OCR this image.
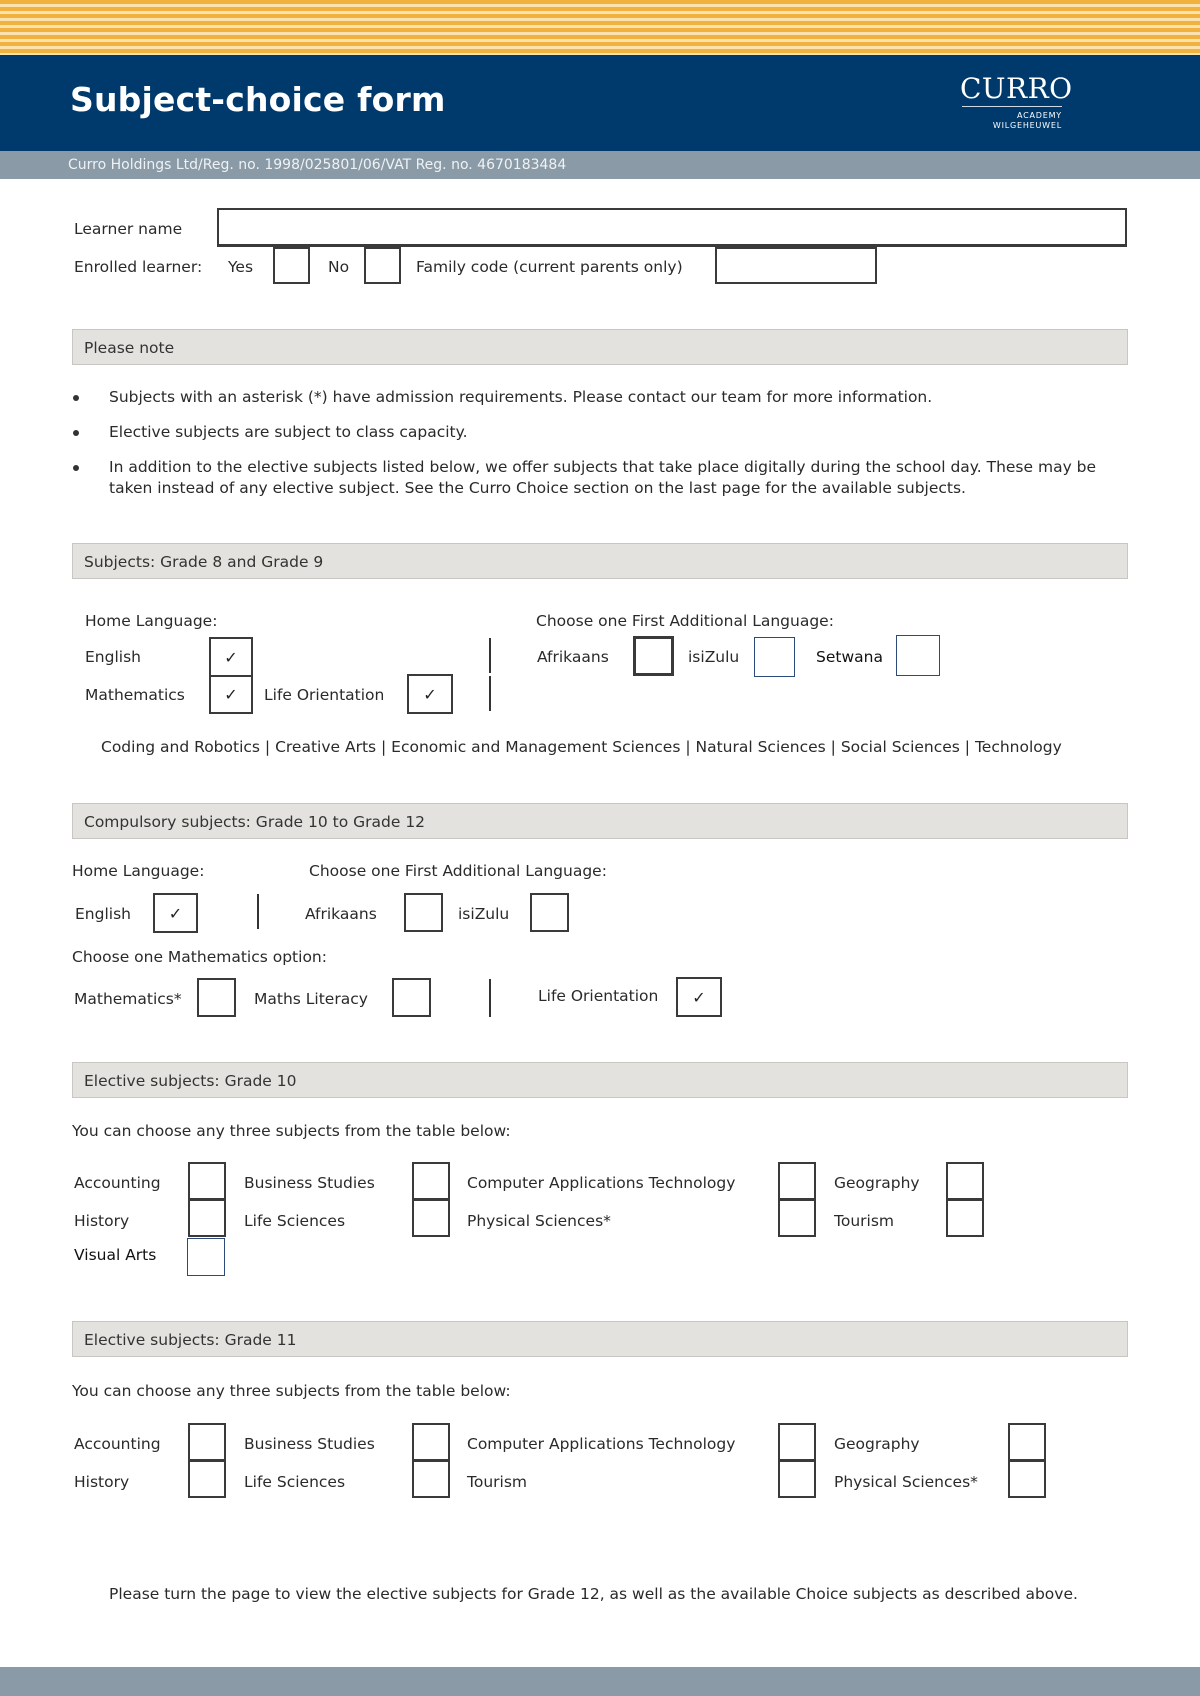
Subject-choice form	CURRO
ACADEMY
WILGEHEUWEL
Curro Holdings Ltd/Reg. no. 1998/025801/06/VAT Reg. no. 4670183484
Learner name
Enrolled learner: Yes	No	Family code (current parents only)
Please note
Subjects with an asterisk (*) have admission requirements. Please contact our team for more information.
Elective subjects are subject to class capacity.
In addition to the elective subjects listed below, we offer subjects that take place digitally during the school day. These may be
taken instead of any elective subject. See the Curro Choice section on the last page for the available subjects.
Subjects: Grade 8 and Grade 9
Home Language:	Choose one First Additional Language:
English	✓	Afrikaans	isiZulu	Setwana
Mathematics ✓ Life Orientation ✓
Coding and Robotics | Creative Arts | Economic and Management Sciences | Natural Sciences | Social Sciences | Technology
Compulsory subjects: Grade 10 to Grade 12
Home Language:	Choose one First Additional Language:
English ✓	Afrikaans	isiZulu
Choose one Mathematics option:
Mathematics*	Maths Literacy	Life Orientation ✓
Elective subjects: Grade 10
You can choose any three subjects from the table below:
Accounting	Business Studies	Computer Applications Technology	Geography
History	Life Sciences	Physical Sciences*	Tourism
Visual Arts
Elective subjects: Grade 11
You can choose any three subjects from the table below:
Accounting	Business Studies	Computer Applications Technology	Geography
History	Life Sciences	Tourism	Physical Sciences*
Please turn the page to view the elective subjects for Grade 12, as well as the available Choice subjects as described above.
